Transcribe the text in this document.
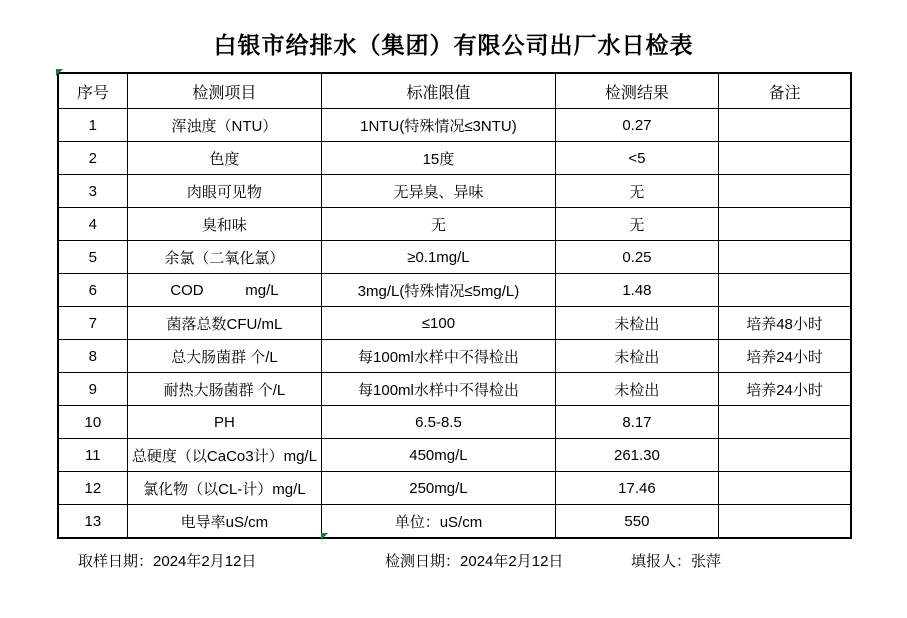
白银市给排水（集团）有限公司出厂水日检表
序号	检测项目	标准限值	检测结果	备注
1	浑浊度（NTU）	1NTU(特殊情况≤3NTU)	0.27	
2	色度	15度	<5	
3	肉眼可见物	无异臭、异味	无	
4	臭和味	无	无	
5	余氯（二氧化氯）	≥0.1mg/L	0.25	
6	COD          mg/L	3mg/L(特殊情况≤5mg/L)	1.48	
7	菌落总数CFU/mL	≤100	未检出	培养48小时
8	总大肠菌群 个/L	每100ml水样中不得检出	未检出	培养24小时
9	耐热大肠菌群 个/L	每100ml水样中不得检出	未检出	培养24小时
10	PH	6.5-8.5	8.17	
11	总硬度（以CaCo3计）mg/L	450mg/L	261.30	
12	氯化物（以CL-计）mg/L	250mg/L	17.46	
13	电导率uS/cm	单位：uS/cm	550	
取样日期：2024年2月12日	检测日期：2024年2月12日	填报人：张萍
